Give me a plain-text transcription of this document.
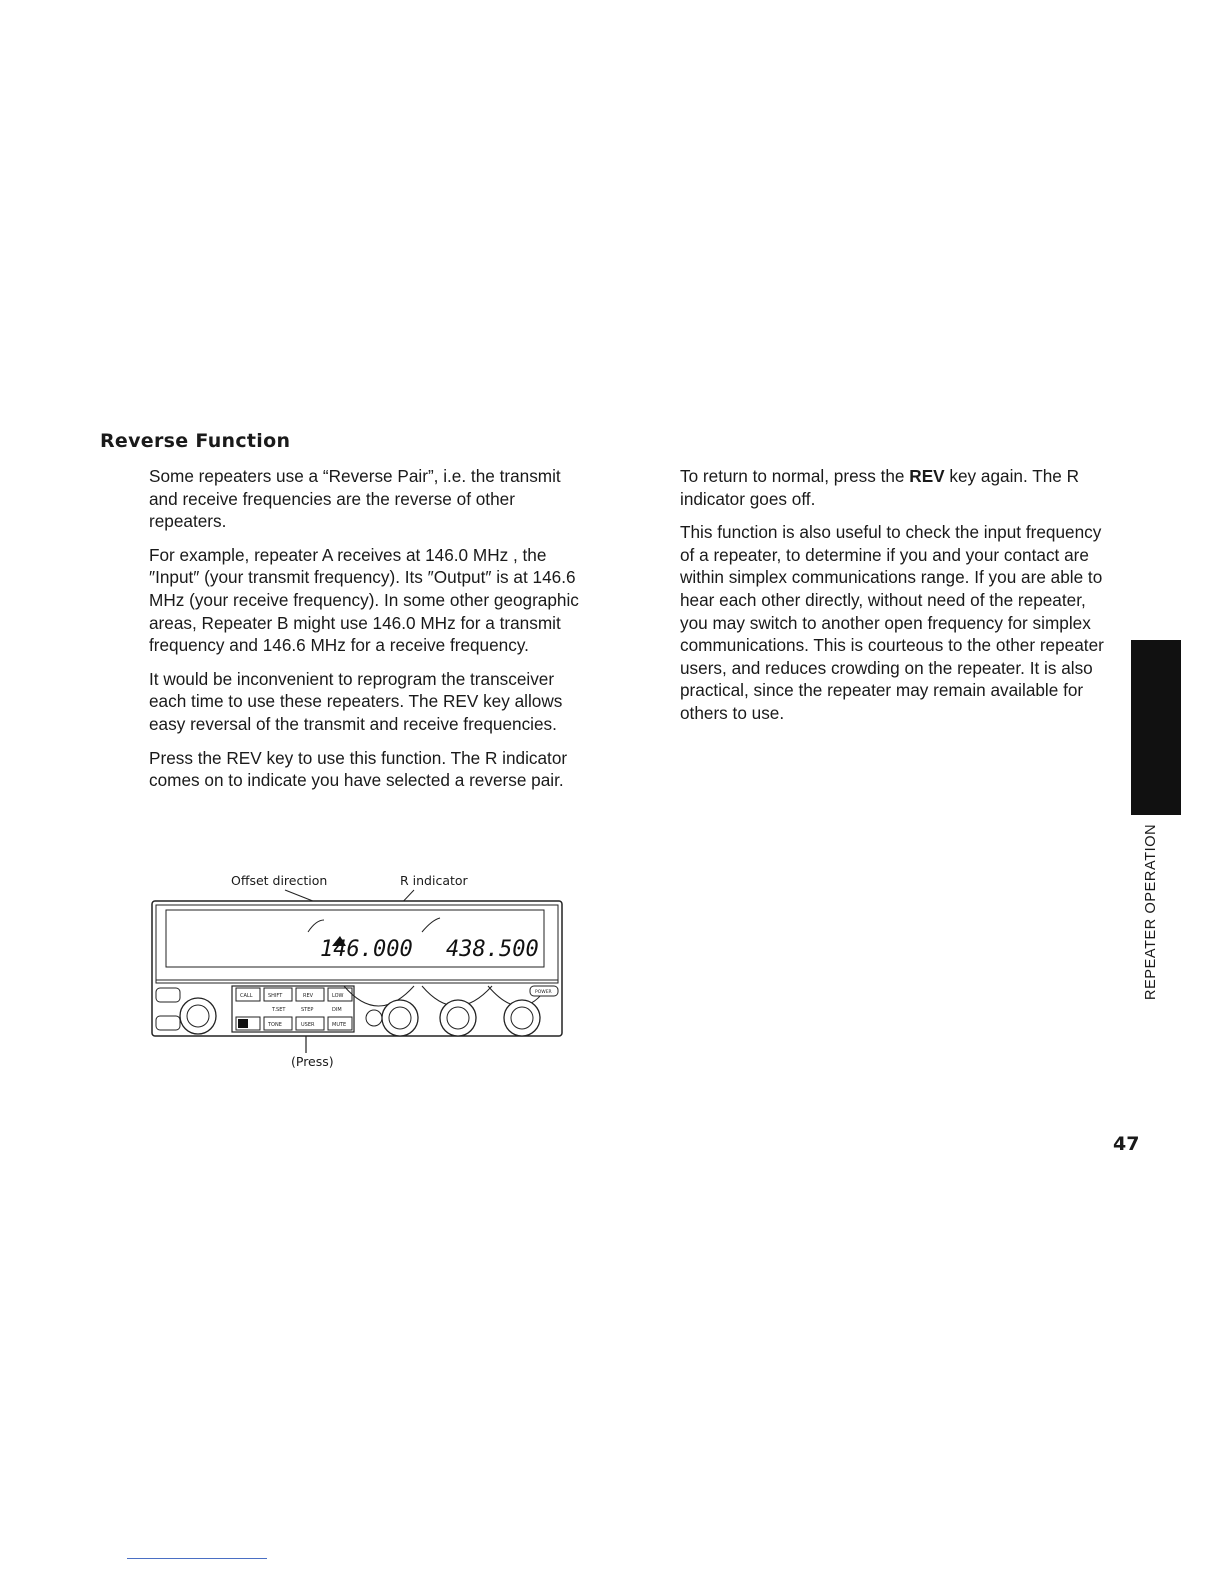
Reverse Function

Some repeaters use a “Reverse Pair”, i.e. the transmit and receive frequencies are the reverse of other repeaters.

For example, repeater A receives at 146.0 MHz , the ″Input″ (your transmit frequency). Its ″Output″ is at 146.6 MHz (your receive frequency). In some other geographic areas, Repeater B might use 146.0 MHz for a transmit frequency and 146.6 MHz for a receive frequency.

It would be inconvenient to reprogram the transceiver each time to use these repeaters. The REV key allows easy reversal of the transmit and receive frequencies.

Press the REV key to use this function. The R indicator comes on to indicate you have selected a reverse pair.

To return to normal, press the REV key again. The R indicator goes off.

This function is also useful to check the input frequency of a repeater, to determine if you and your contact are within simplex communications range. If you are able to hear each other directly, without need of the repeater, you may switch to another open frequency for simplex communications. This is courteous to the other repeater users, and reduces crowding on the repeater. It is also practical, since the repeater may remain available for others to use.

Offset direction	R indicator
(Press)
146.000 438.500
CALL	SHIFT	REV	LOW T.SET	STEP	DIM TONE	USER	MUTE
POWER	REPEATER OPERATION
47
